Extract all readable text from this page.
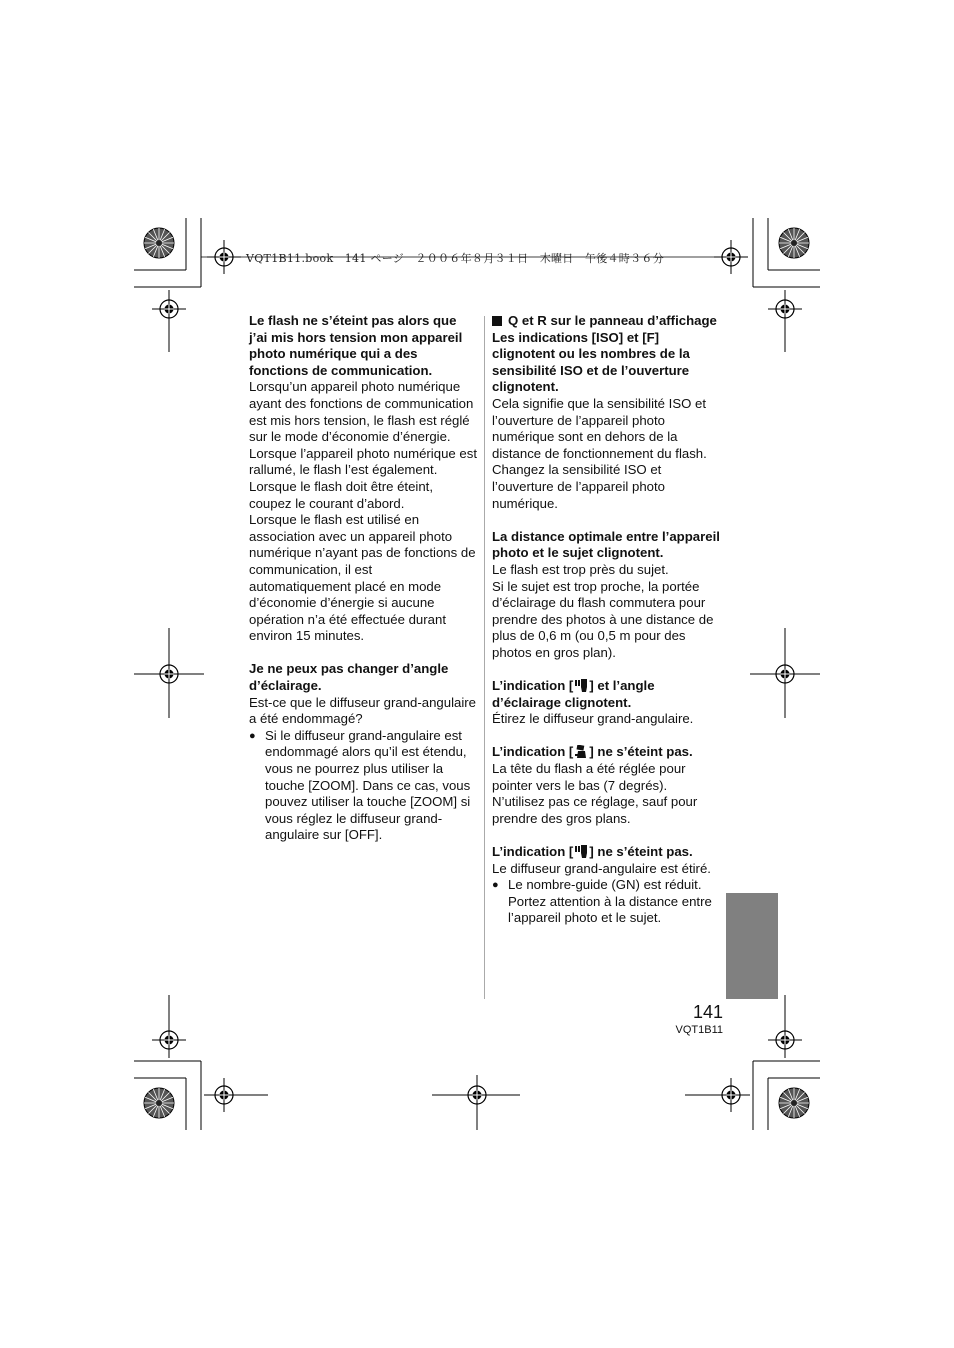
VQT1B11.book　141 ページ　２００６年８月３１日　木曜日　午後４時３６分

Le flash ne s’éteint pas alors que j’ai mis hors tension mon appareil photo numérique qui a des fonctions de communication.

Lorsqu’un appareil photo numérique ayant des fonctions de communication est mis hors tension, le flash est réglé sur le mode d’économie d’énergie. Lorsque l’appareil photo numérique est rallumé, le flash l’est également. Lorsque le flash doit être éteint, coupez le courant d’abord.

Lorsque le flash est utilisé en association avec un appareil photo numérique n’ayant pas de fonctions de communication, il est automatiquement placé en mode d’économie d’énergie si aucune opération n’a été effectuée durant environ 15 minutes.

Je ne peux pas changer d’angle d’éclairage.

Est-ce que le diffuseur grand-angulaire a été endommagé?

● Si le diffuseur grand-angulaire est endommagé alors qu’il est étendu, vous ne pourrez plus utiliser la touche [ZOOM]. Dans ce cas, vous pouvez utiliser la touche [ZOOM] si vous réglez le diffuseur grand-angulaire sur [OFF].
Q et R sur le panneau d’affichage

Les indications [ISO] et [F] clignotent ou les nombres de la sensibilité ISO et de l’ouverture clignotent.

Cela signifie que la sensibilité ISO et l’ouverture de l’appareil photo numérique sont en dehors de la distance de fonctionnement du flash. Changez la sensibilité ISO et l’ouverture de l’appareil photo numérique.

La distance optimale entre l’appareil photo et le sujet clignotent.

Le flash est trop près du sujet.

Si le sujet est trop proche, la portée d’éclairage du flash commutera pour prendre des photos à une distance de plus de 0,6 m (ou 0,5 m pour des photos en gros plan).

L’indication [ ] et l’angle d’éclairage clignotent.

Étirez le diffuseur grand-angulaire.

L’indication [ ] ne s’éteint pas.

La tête du flash a été réglée pour pointer vers le bas (7 degrés). N’utilisez pas ce réglage, sauf pour prendre des gros plans.

L’indication [ ] ne s’éteint pas.

Le diffuseur grand-angulaire est étiré.

● Le nombre-guide (GN) est réduit. Portez attention à la distance entre l’appareil photo et le sujet.
141
VQT1B11
